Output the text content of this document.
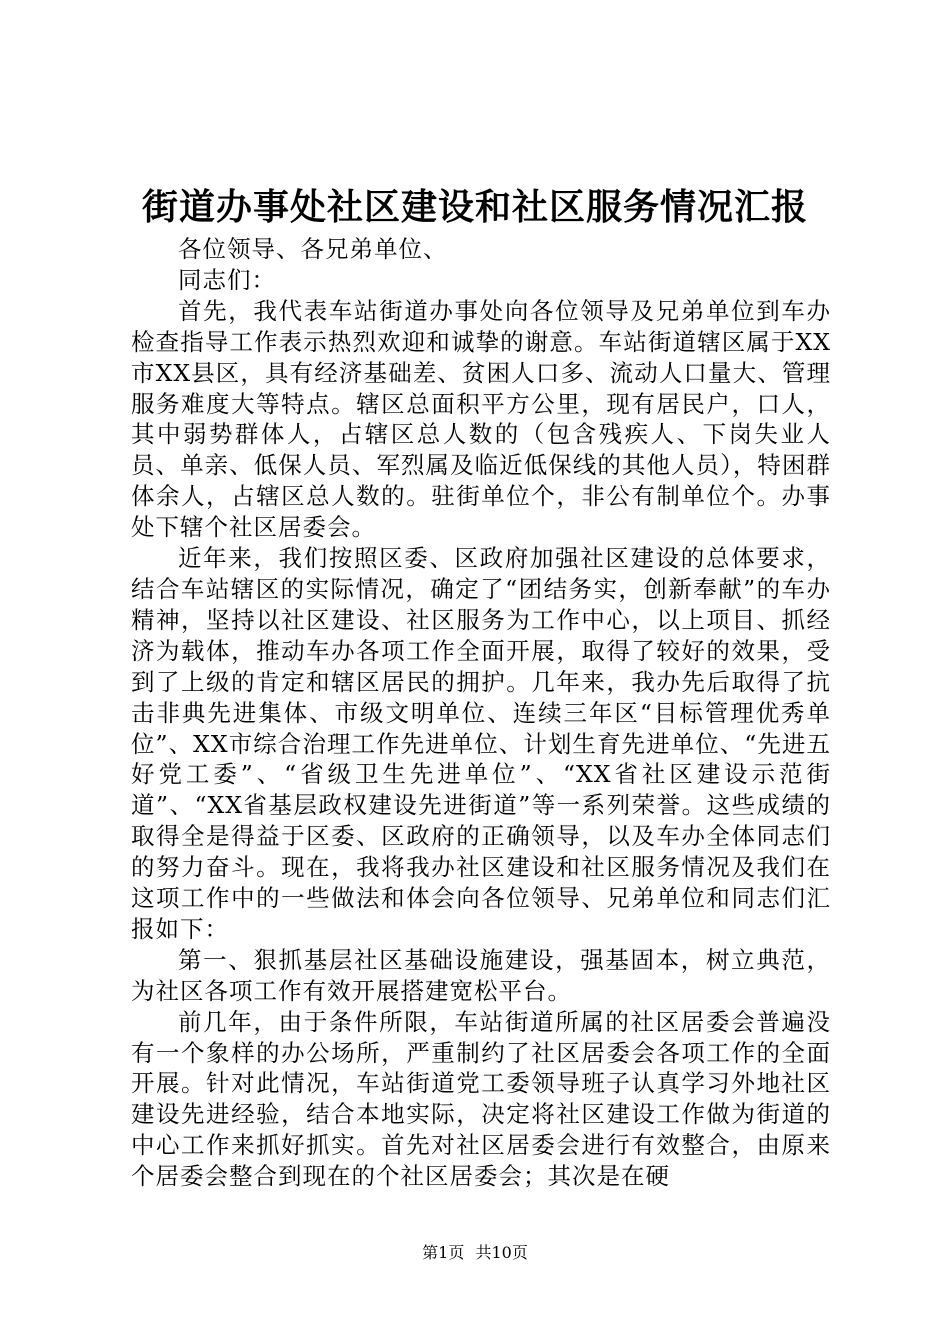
街道办事处社区建设和社区服务情况汇报

各位领导、各兄弟单位、

同志们：

首先，我代表车站街道办事处向各位领导及兄弟单位到车办检查指导工作表示热烈欢迎和诚挚的谢意。车站街道辖区属于XX市XX县区，具有经济基础差、贫困人口多、流动人口量大、管理服务难度大等特点。辖区总面积平方公里，现有居民户，口人，其中弱势群体人，占辖区总人数的（包含残疾人、下岗失业人员、单亲、低保人员、军烈属及临近低保线的其他人员），特困群体余人，占辖区总人数的。驻街单位个，非公有制单位个。办事处下辖个社区居委会。

近年来，我们按照区委、区政府加强社区建设的总体要求，结合车站辖区的实际情况，确定了“团结务实，创新奉献”的车办精神，坚持以社区建设、社区服务为工作中心，以上项目、抓经济为载体，推动车办各项工作全面开展，取得了较好的效果，受到了上级的肯定和辖区居民的拥护。几年来，我办先后取得了抗击非典先进集体、市级文明单位、连续三年区“目标管理优秀单位”、XX市综合治理工作先进单位、计划生育先进单位、“先进五好党工委”、“省级卫生先进单位”、“XX省社区建设示范街道”、“XX省基层政权建设先进街道”等一系列荣誉。这些成绩的取得全是得益于区委、区政府的正确领导，以及车办全体同志们的努力奋斗。现在，我将我办社区建设和社区服务情况及我们在这项工作中的一些做法和体会向各位领导、兄弟单位和同志们汇报如下：

第一、狠抓基层社区基础设施建设，强基固本，树立典范，为社区各项工作有效开展搭建宽松平台。

前几年，由于条件所限，车站街道所属的社区居委会普遍没有一个象样的办公场所，严重制约了社区居委会各项工作的全面开展。针对此情况，车站街道党工委领导班子认真学习外地社区建设先进经验，结合本地实际，决定将社区建设工作做为街道的中心工作来抓好抓实。首先对社区居委会进行有效整合，由原来个居委会整合到现在的个社区居委会；其次是在硬

第1页 共10页
